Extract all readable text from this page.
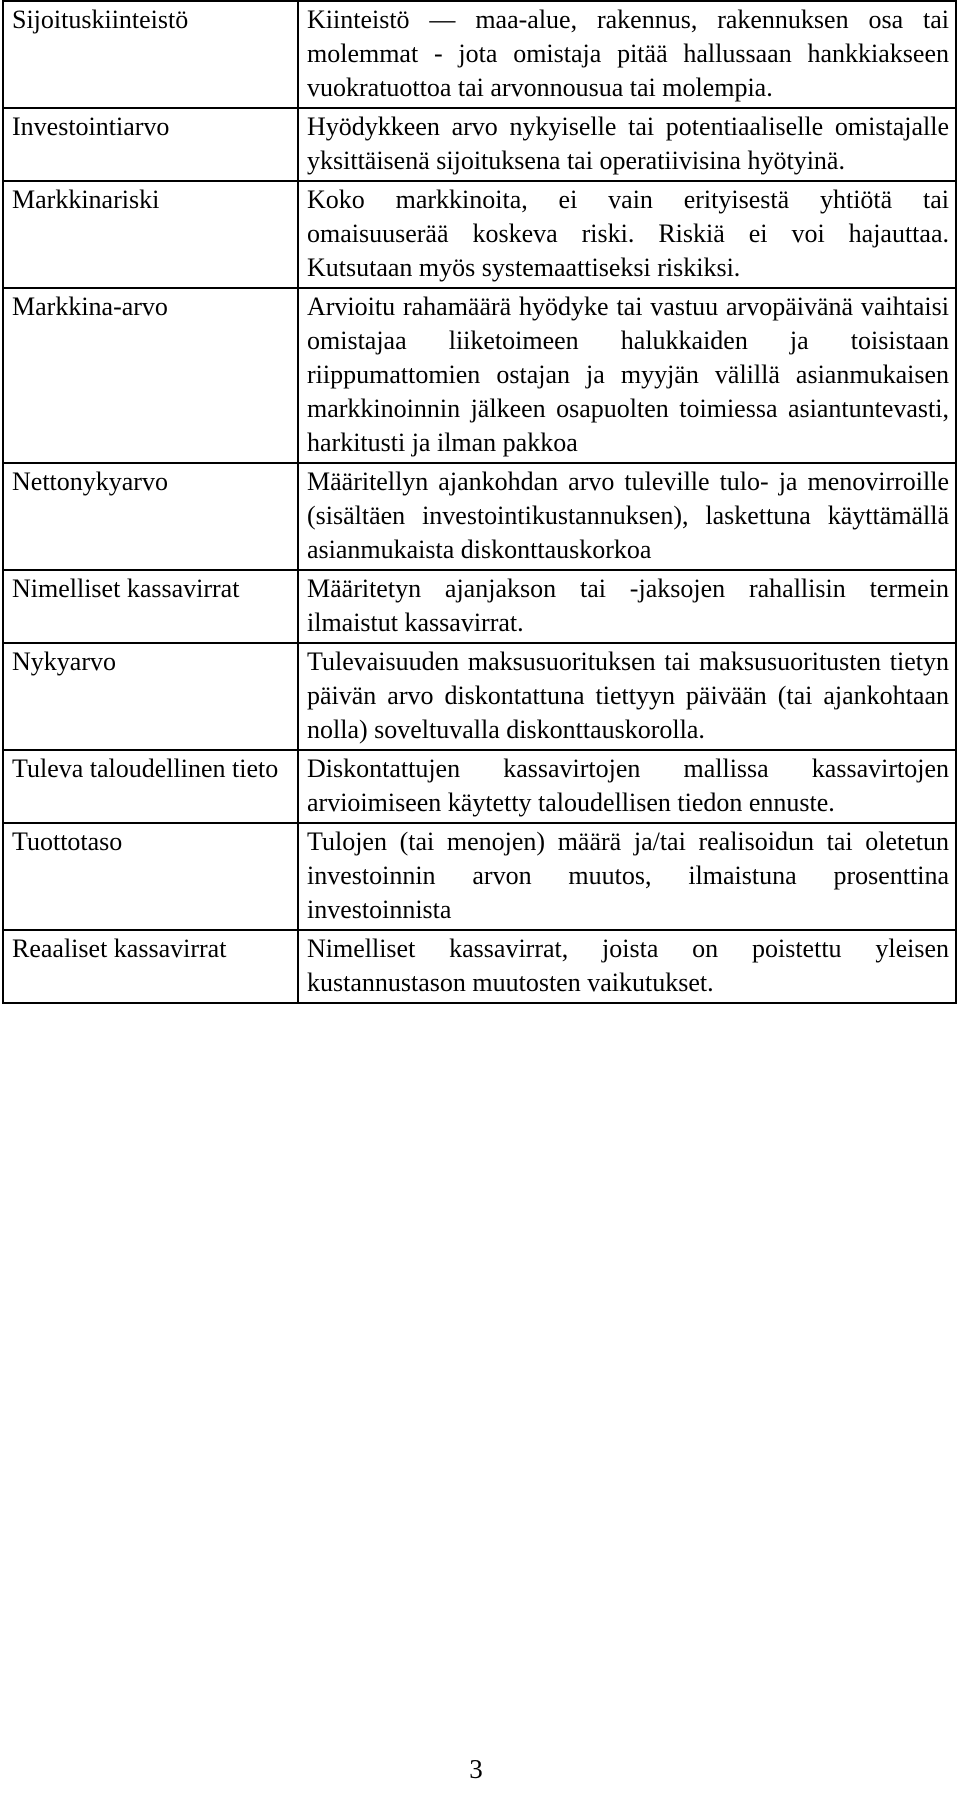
Sijoituskiinteistö	Kiinteistö — maa-alue, rakennus, rakennuksen osa tai molemmat - jota omistaja pitää hallussaan hankkiakseen vuokratuottoa tai arvonnousua tai molempia.
Investointiarvo	Hyödykkeen arvo nykyiselle tai potentiaaliselle omistajalle yksittäisenä sijoituksena tai operatiivisina hyötyinä.
Markkinariski	Koko markkinoita, ei vain erityisestä yhtiötä tai omaisuuserää koskeva riski. Riskiä ei voi hajauttaa. Kutsutaan myös systemaattiseksi riskiksi.
Markkina-arvo	Arvioitu rahamäärä hyödyke tai vastuu arvopäivänä vaihtaisi omistajaa liiketoimeen halukkaiden ja toisistaan riippumattomien ostajan ja myyjän välillä asianmukaisen markkinoinnin jälkeen osapuolten toimiessa asiantuntevasti, harkitusti ja ilman pakkoa
Nettonykyarvo	Määritellyn ajankohdan arvo tuleville tulo- ja menovirroille (sisältäen investointikustannuksen), laskettuna käyttämällä asianmukaista diskonttauskorkoa
Nimelliset kassavirrat	Määritetyn ajanjakson tai -jaksojen rahallisin termein ilmaistut kassavirrat.
Nykyarvo	Tulevaisuuden maksusuorituksen tai maksusuoritusten tietyn päivän arvo diskontattuna tiettyyn päivään (tai ajankohtaan nolla) soveltuvalla diskonttauskorolla.
Tuleva taloudellinen tieto	Diskontattujen kassavirtojen mallissa kassavirtojen arvioimiseen käytetty taloudellisen tiedon ennuste.
Tuottotaso	Tulojen (tai menojen) määrä ja/tai realisoidun tai oletetun investoinnin arvon muutos, ilmaistuna prosenttina investoinnista
Reaaliset kassavirrat	Nimelliset kassavirrat, joista on poistettu yleisen kustannustason muutosten vaikutukset.
3
